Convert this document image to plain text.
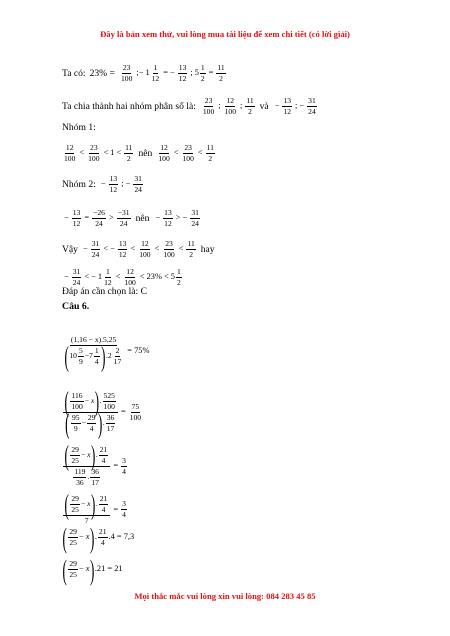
Đây là bản xem thử, vui lòng mua tài liệu để xem chi tiết (có lời giải)
Ta có: $23\% = \frac{23}{100}$ ;− $1 \frac{1}{12}$ = − $\frac{13}{12}$ ; $5 \frac{1}{2} = \frac{11}{2}$
Ta chia thành hai nhóm phân số là:
23
100
;
12
100
;
11
2 và − $\frac{13}{12}$ ; − $\frac{31}{24}$
Nhóm 1:
12
100
<
23
100
< 1 <
11
2 nên
12
100
<
23
100
<
11
2
Nhóm 2: − $\frac{13}{12}$ ; − $\frac{31}{24}$
− $\frac{13}{12} = \frac{-26}{24}$ >
−31
24 nên − $\frac{13}{12}$ > − $\frac{31}{24}$
Vậy − $\frac{31}{24}$ < − $\frac{13}{12}$ <
12
100
<
23
100
<
11
2 hay
− $\frac{31}{24}$ < − 1
1
12
<
12
100
< 23% < 5
1
2
Đáp án cần chọn là: C
Câu 6.
(1,16 − x).5,25
( 10
5
9
− 7
1
4 ) . 2
2
17 = 75%
( 116
100
− x ) .
525
100
( 95
9
− $\frac{29}{4}$ ) .
36
$17 = \frac{75}{100}$
( 29
25
− x ) .
21
4
119
36
.
36
$17 = \frac{3}{4}$
( 29
25
− x ) .
21
4
$7 = \frac{3}{4}$
( 29
25
− x ) .
21
4
.4 = 7,3
( 29
25
− x ) .21 = 21
Mọi thắc mắc vui lòng xin vui lòng: 084 283 45 85
